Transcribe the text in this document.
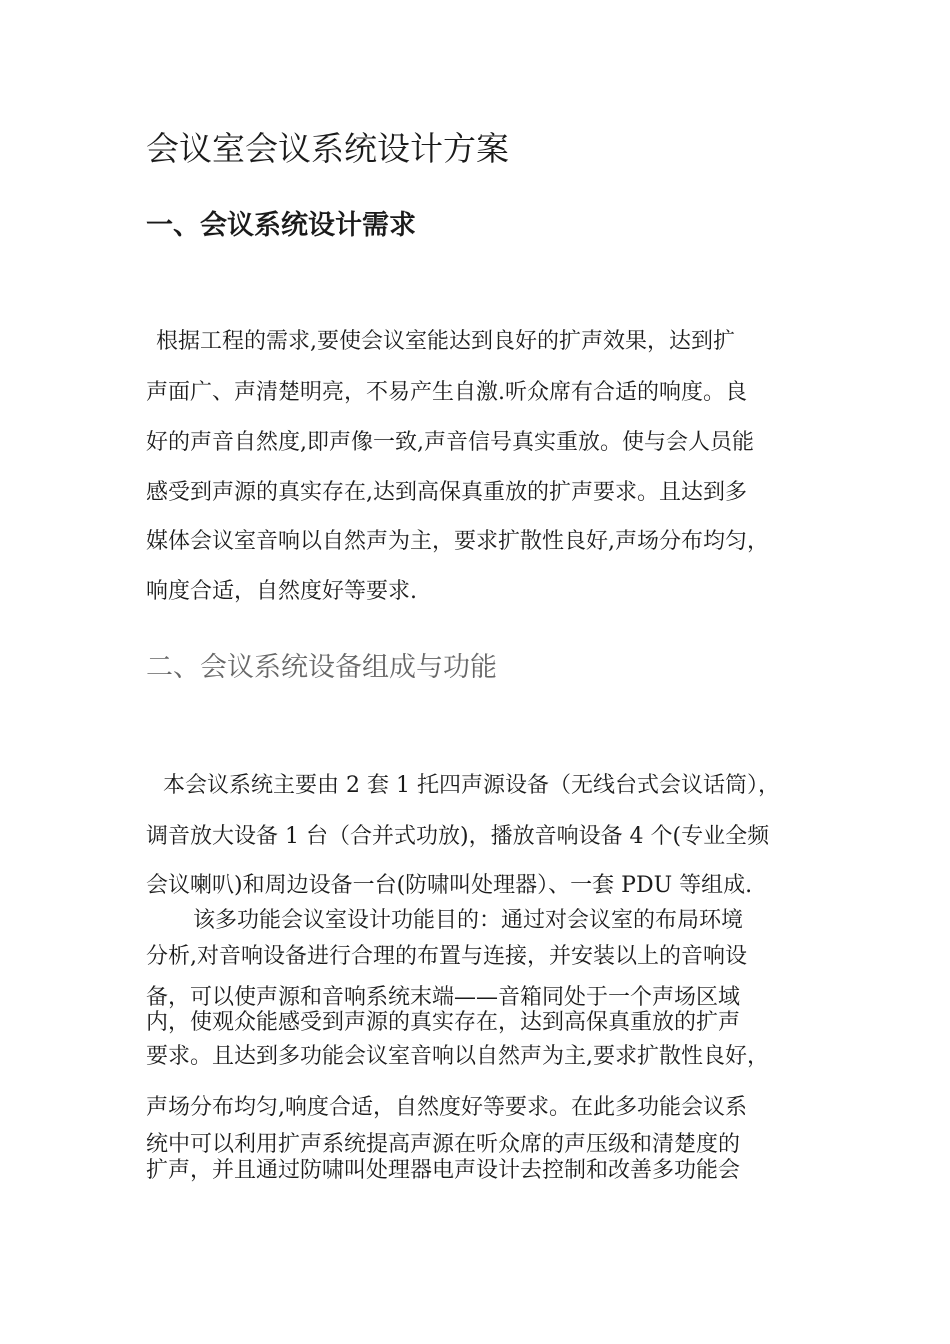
会议室会议系统设计方案
一、会议系统设计需求
根据工程的需求,要使会议室能达到良好的扩声效果，达到扩
声面广、声清楚明亮，不易产生自激.听众席有合适的响度。良
好的声音自然度,即声像一致,声音信号真实重放。使与会人员能
感受到声源的真实存在,达到高保真重放的扩声要求。且达到多
媒体会议室音响以自然声为主，要求扩散性良好,声场分布均匀，
响度合适，自然度好等要求.
二、会议系统设备组成与功能
本会议系统主要由 2 套 1 托四声源设备（无线台式会议话筒），
调音放大设备 1 台（合并式功放)，播放音响设备 4 个(专业全频
会议喇叭)和周边设备一台(防啸叫处理器）、一套 PDU 等组成.
该多功能会议室设计功能目的：通过对会议室的布局环境
分析,对音响设备进行合理的布置与连接，并安装以上的音响设
备，可以使声源和音响系统末端——音箱同处于一个声场区域
内，使观众能感受到声源的真实存在，达到高保真重放的扩声
要求。且达到多功能会议室音响以自然声为主,要求扩散性良好，
声场分布均匀,响度合适，自然度好等要求。在此多功能会议系
统中可以利用扩声系统提高声源在听众席的声压级和清楚度的
扩声，并且通过防啸叫处理器电声设计去控制和改善多功能会
